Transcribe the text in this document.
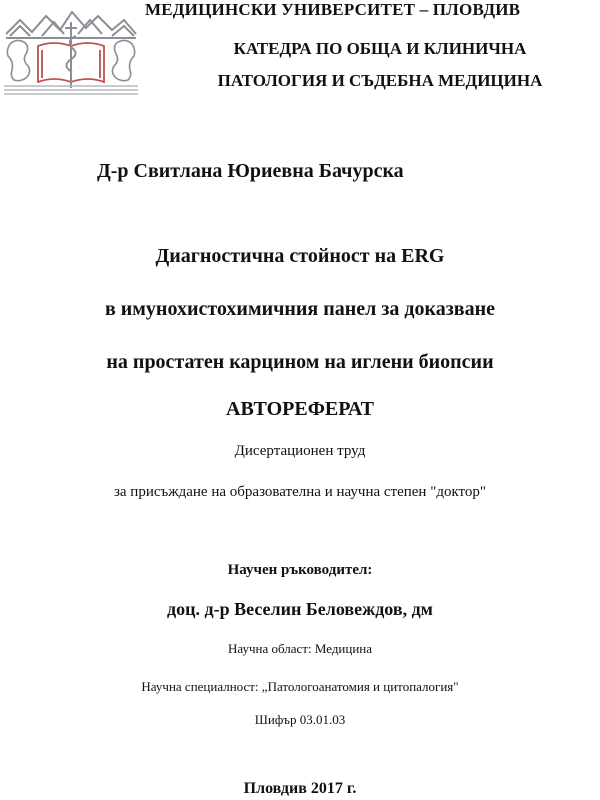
МЕДИЦИНСКИ УНИВЕРСИТЕТ – ПЛОВДИВ
КАТЕДРА ПО ОБЩА И КЛИНИЧНА
ПАТОЛОГИЯ И СЪДЕБНА МЕДИЦИНА
Д-р Свитлана Юриевна Бачурска
Диагностична стойност на ERG
в имунохистохимичния панел за доказване
на простатен карцином на иглени биопсии
АВТОРЕФЕРАТ
Дисертационен труд
за присъждане на образователна и научна степен "доктор"
Научен ръководител:
доц. д-р Веселин Беловеждов, дм
Научна област: Медицина
Научна специалност: „Патологоанатомия и цитопалогия"
Шифър 03.01.03
Пловдив 2017 г.
